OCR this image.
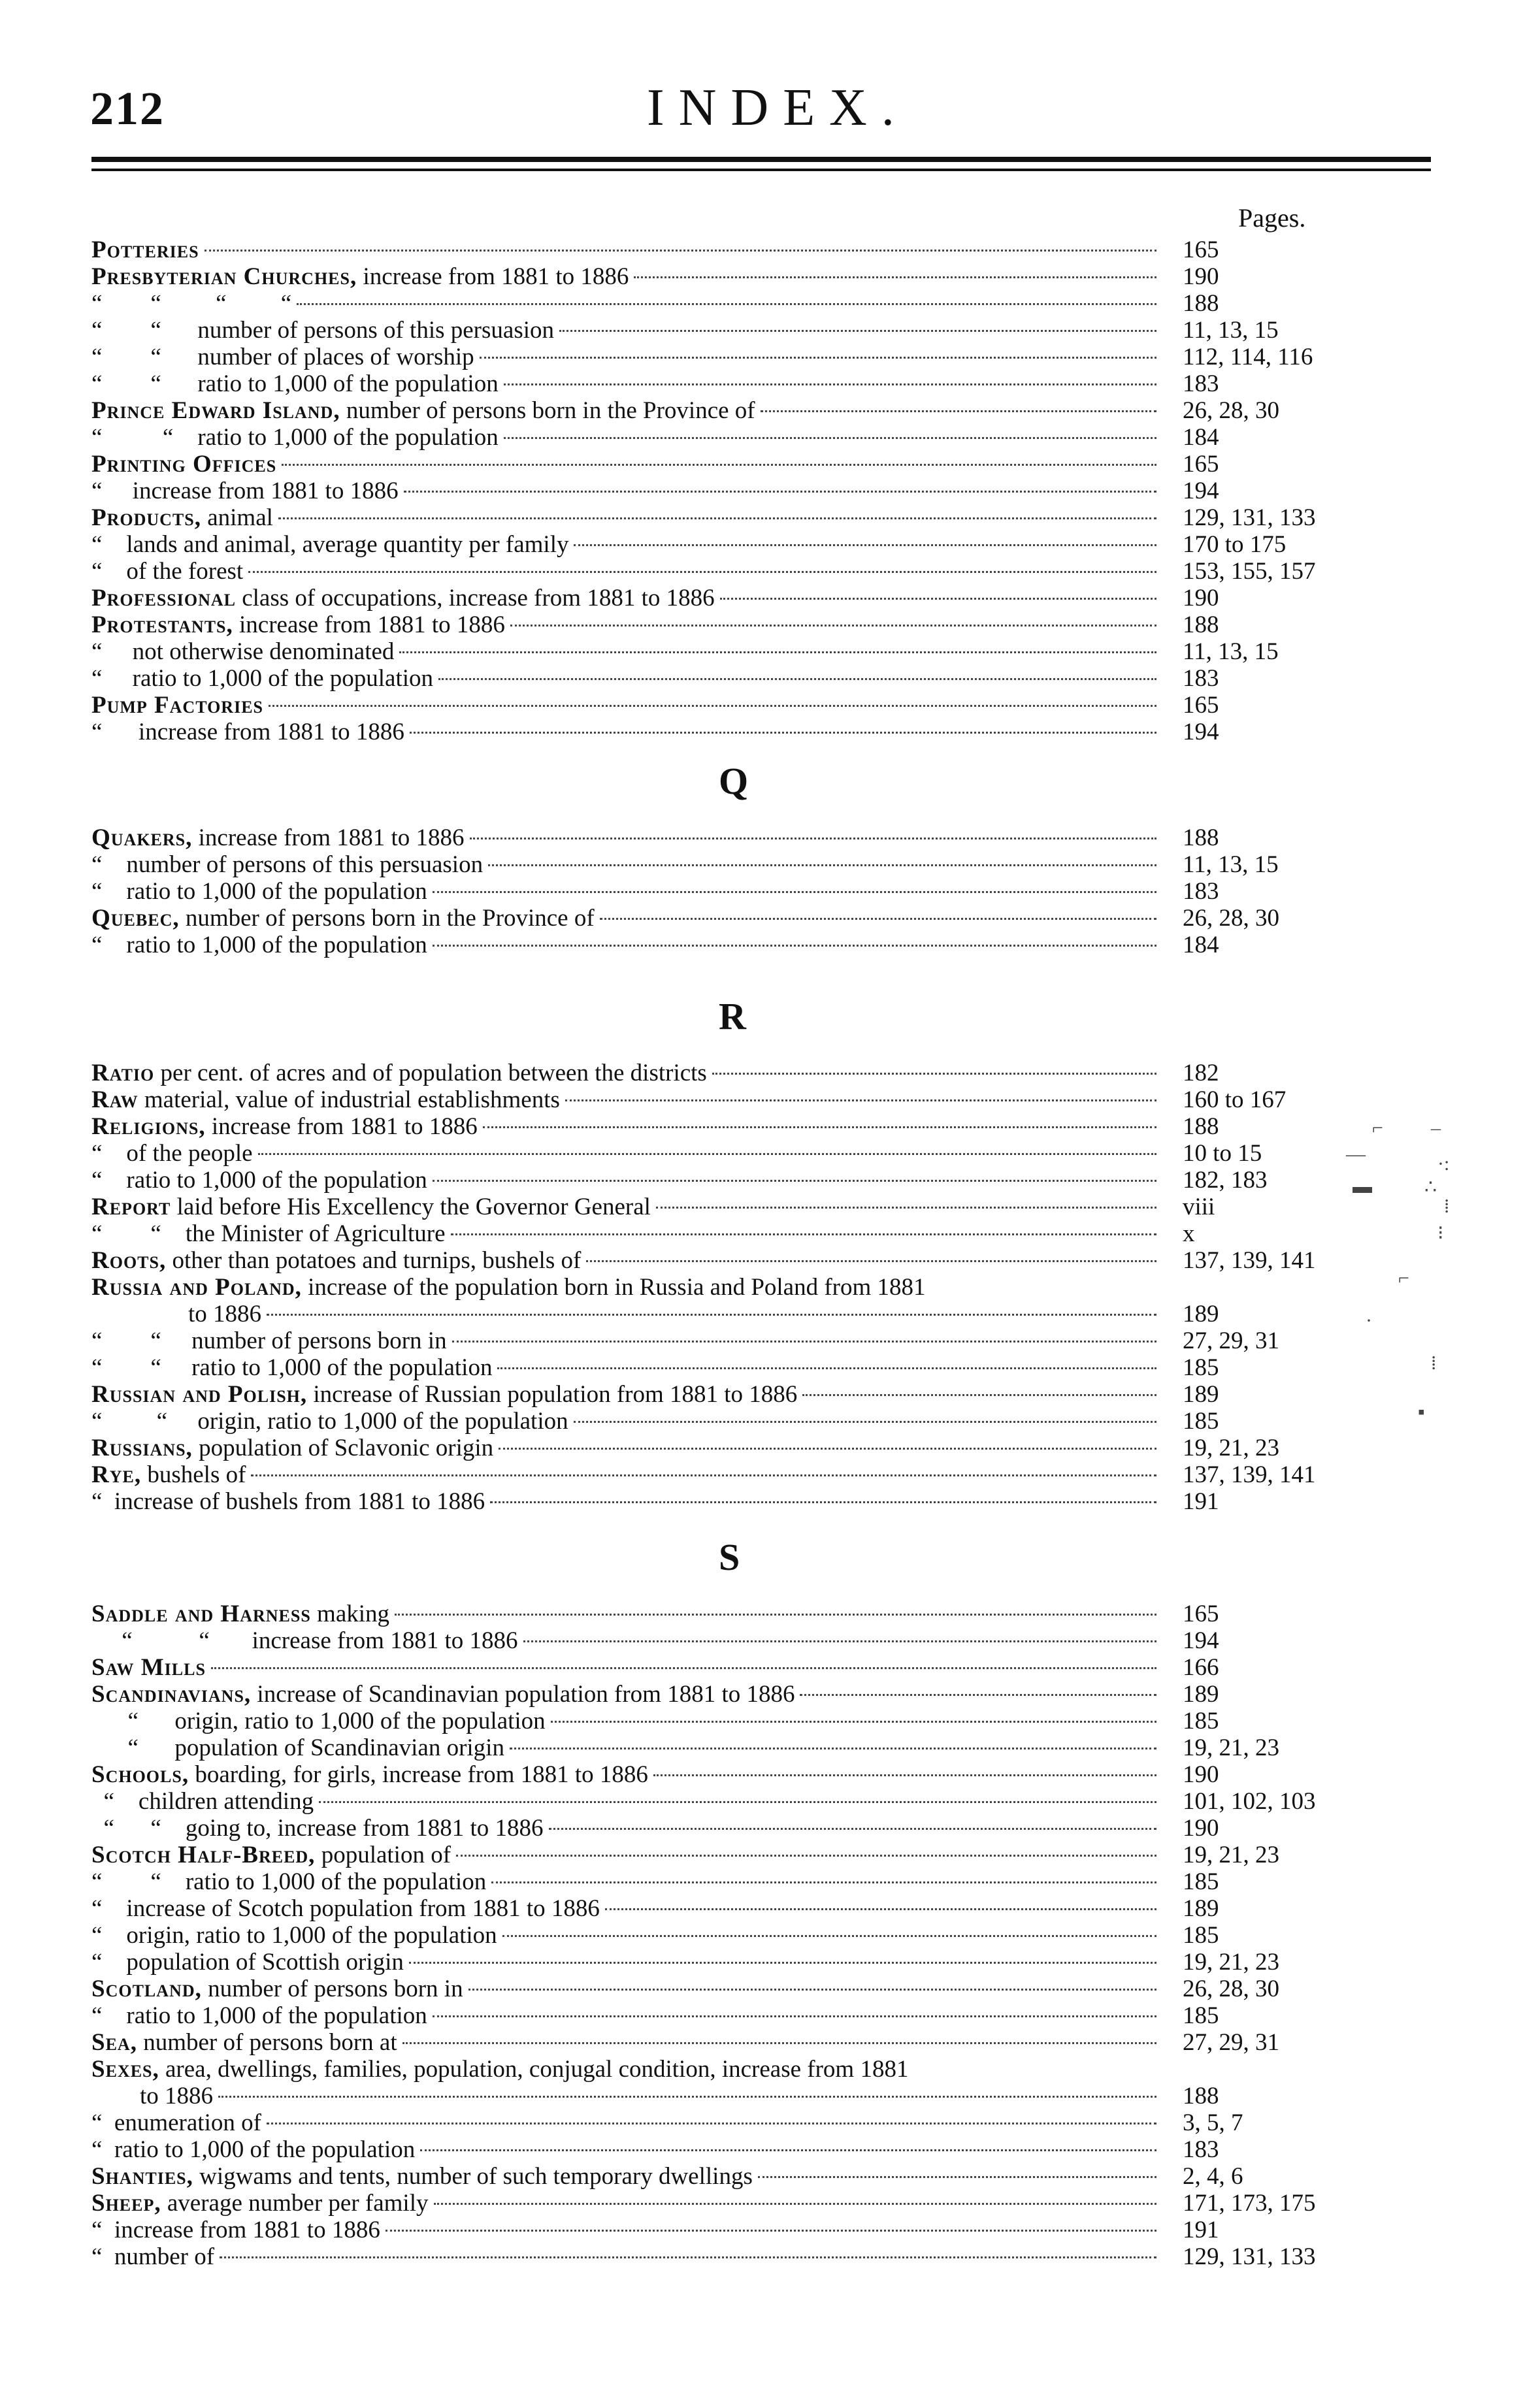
212	INDEX.
Pages.
Potteries	165
Presbyterian Churches, increase from 1881 to 1886	190
“        “         “         “	188
“        “      number of persons of this persuasion	11, 13, 15
“        “      number of places of worship	112, 114, 116
“        “      ratio to 1,000 of the population	183
Prince Edward Island, number of persons born in the Province of	26, 28, 30
“          “    ratio to 1,000 of the population	184
Printing Offices	165
“     increase from 1881 to 1886	194
Products, animal	129, 131, 133
“    lands and animal, average quantity per family	170 to 175
“    of the forest	153, 155, 157
Professional class of occupations, increase from 1881 to 1886	190
Protestants, increase from 1881 to 1886	188
“     not otherwise denominated	11, 13, 15
“     ratio to 1,000 of the population	183
Pump Factories	165
“      increase from 1881 to 1886	194
Q
Quakers, increase from 1881 to 1886	188
“    number of persons of this persuasion	11, 13, 15
“    ratio to 1,000 of the population	183
Quebec, number of persons born in the Province of	26, 28, 30
“    ratio to 1,000 of the population	184
R
Ratio per cent. of acres and of population between the districts	182
Raw material, value of industrial establishments	160 to 167
Religions, increase from 1881 to 1886	188
“    of the people	10 to 15
“    ratio to 1,000 of the population	182, 183
Report laid before His Excellency the Governor General	viii
“        “    the Minister of Agriculture	x
Roots, other than potatoes and turnips, bushels of	137, 139, 141
Russia and Poland, increase of the population born in Russia and Poland from 1881
to 1886	189
“        “     number of persons born in	27, 29, 31
“        “     ratio to 1,000 of the population	185
Russian and Polish, increase of Russian population from 1881 to 1886	189
“         “     origin, ratio to 1,000 of the population	185
Russians, population of Sclavonic origin	19, 21, 23
Rye, bushels of	137, 139, 141
“  increase of bushels from 1881 to 1886	191
S
Saddle and Harness making	165
“           “       increase from 1881 to 1886	194
Saw Mills	166
Scandinavians, increase of Scandinavian population from 1881 to 1886	189
“      origin, ratio to 1,000 of the population	185
“      population of Scandinavian origin	19, 21, 23
Schools, boarding, for girls, increase from 1881 to 1886	190
“    children attending	101, 102, 103
“      “    going to, increase from 1881 to 1886	190
Scotch Half-Breed, population of	19, 21, 23
“        “    ratio to 1,000 of the population	185
“    increase of Scotch population from 1881 to 1886	189
“    origin, ratio to 1,000 of the population	185
“    population of Scottish origin	19, 21, 23
Scotland, number of persons born in	26, 28, 30
“    ratio to 1,000 of the population	185
Sea, number of persons born at	27, 29, 31
Sexes, area, dwellings, families, population, conjugal condition, increase from 1881
to 1886	188
“  enumeration of	3, 5, 7
“  ratio to 1,000 of the population	183
Shanties, wigwams and tents, number of such temporary dwellings	2, 4, 6
Sheep, average number per family	171, 173, 175
“  increase from 1881 to 1886	191
“  number of	129, 131, 133
⌐ ¯
—	·:
▬	∴
⁞
⁝
⌐
·
⁞
▪
